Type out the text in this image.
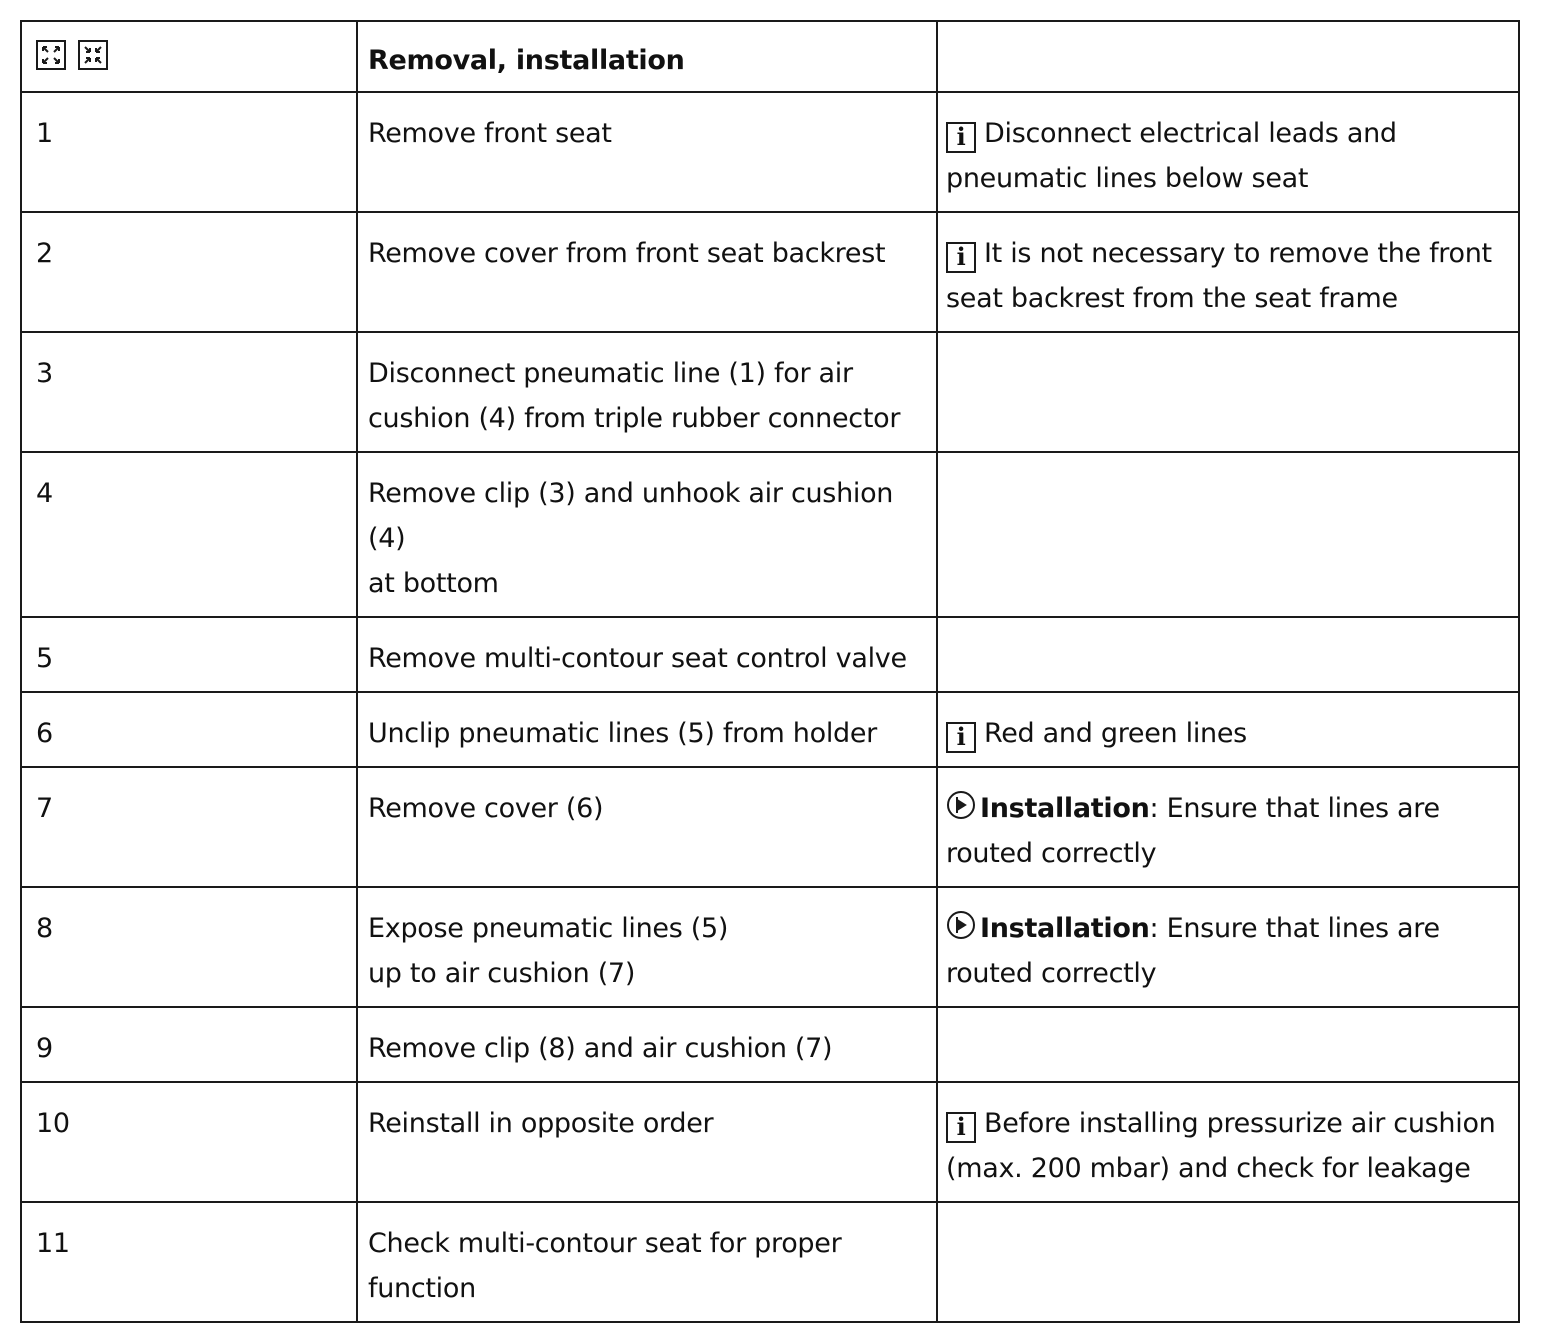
	Removal, installation	
1	Remove front seat	i Disconnect electrical leads and
pneumatic lines below seat

2	Remove cover from front seat backrest	i It is not necessary to remove the front
seat backrest from the seat frame

3	Disconnect pneumatic line (1) for air
cushion (4) from triple rubber connector	

4	Remove clip (3) and unhook air cushion (4)
at bottom	

5	Remove multi-contour seat control valve	

6	Unclip pneumatic lines (5) from holder	i Red and green lines

7	Remove cover (6)	Installation: Ensure that lines are
routed correctly

8	Expose pneumatic lines (5)
up to air cushion (7)	Installation: Ensure that lines are
routed correctly

9	Remove clip (8) and air cushion (7)	

10	Reinstall in opposite order	i Before installing pressurize air cushion
(max. 200 mbar) and check for leakage

11	Check multi-contour seat for proper
function	
